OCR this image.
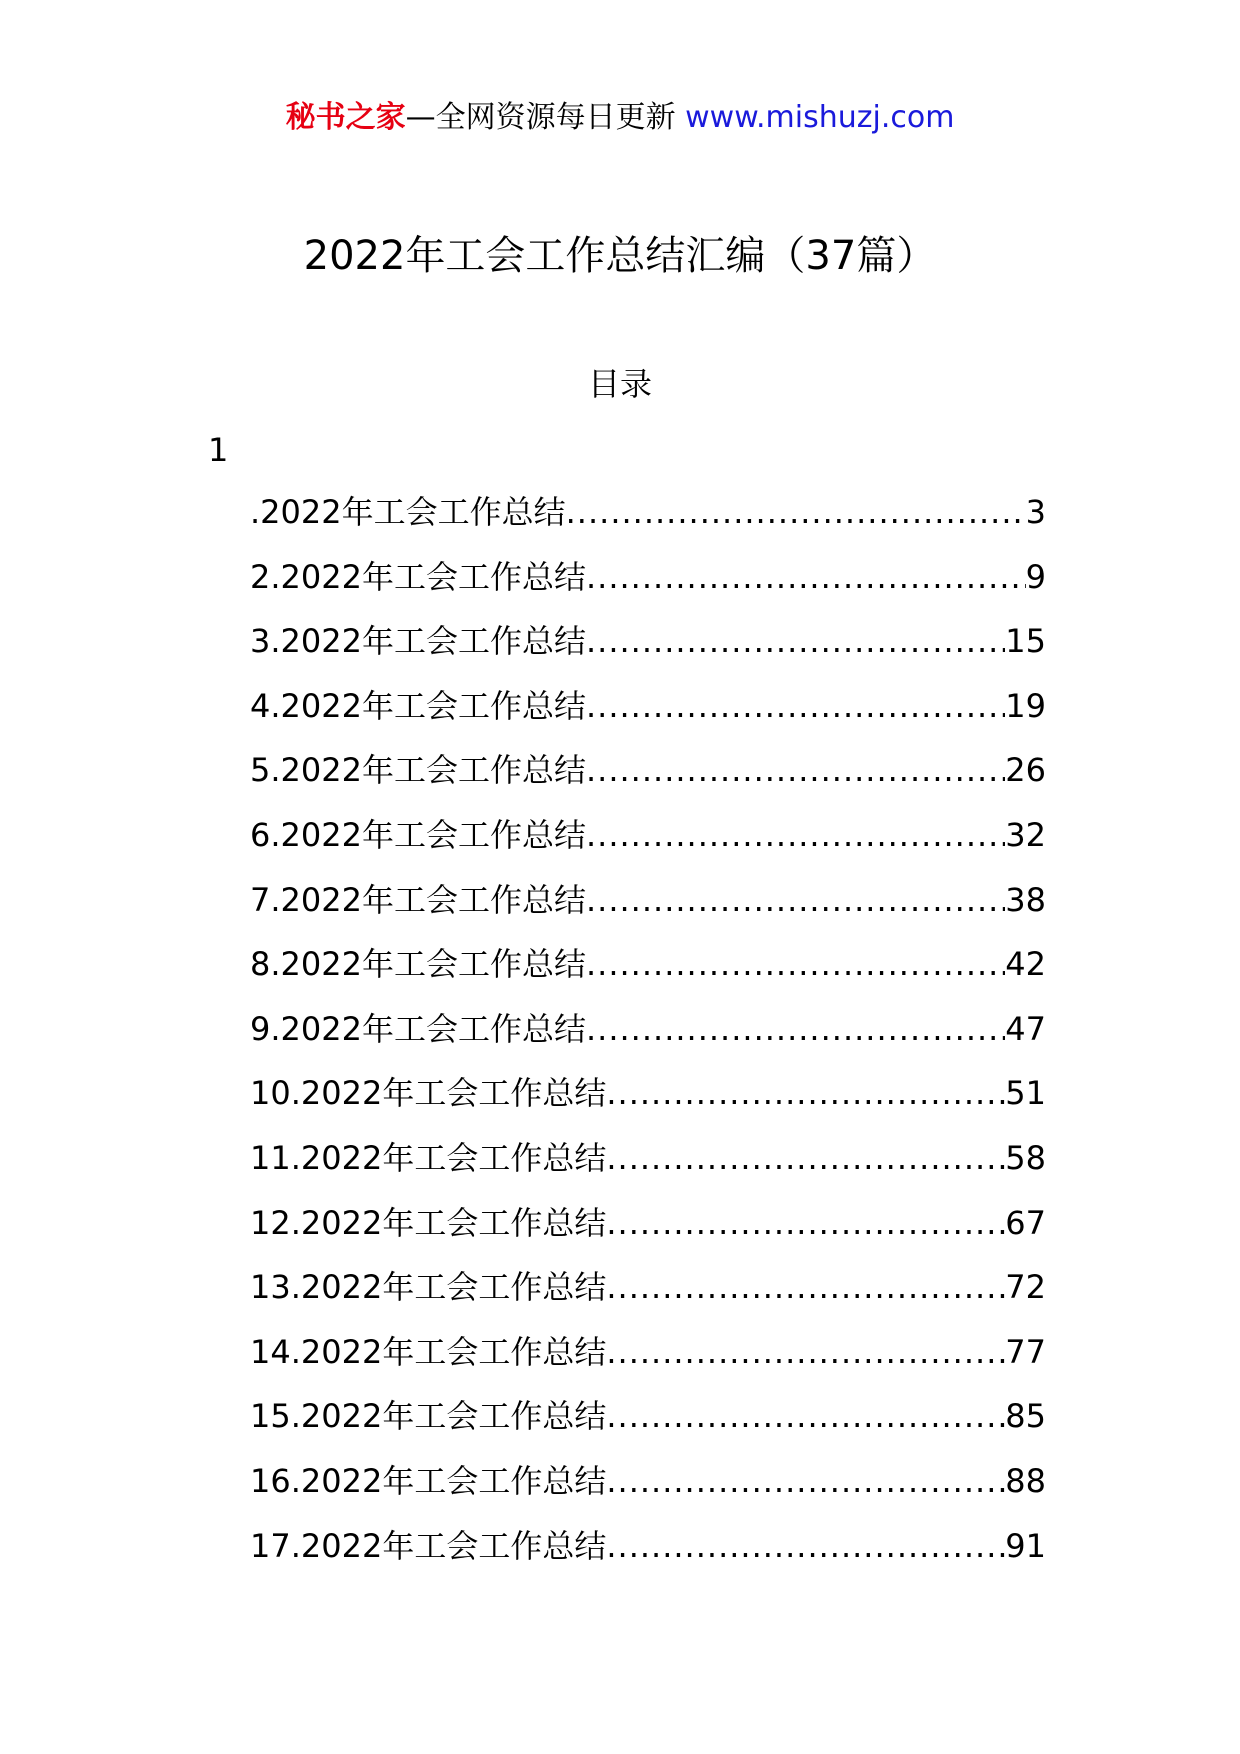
秘书之家—全网资源每日更新 www.mishuzj.com
2022年工会工作总结汇编（37篇）
目录
1
.2022年工会工作总结 .....	3
2.2022年工会工作总结 .....	9
3.2022年工会工作总结 .....	15
4.2022年工会工作总结 .....	19
5.2022年工会工作总结 .....	26
6.2022年工会工作总结 .....	32
7.2022年工会工作总结 .....	38
8.2022年工会工作总结 .....	42
9.2022年工会工作总结 .....	47
10.2022年工会工作总结 .....	51
11.2022年工会工作总结 .....	58
12.2022年工会工作总结 .....	67
13.2022年工会工作总结 .....	72
14.2022年工会工作总结 .....	77
15.2022年工会工作总结 .....	85
16.2022年工会工作总结 .....	88
17.2022年工会工作总结 .....	91
